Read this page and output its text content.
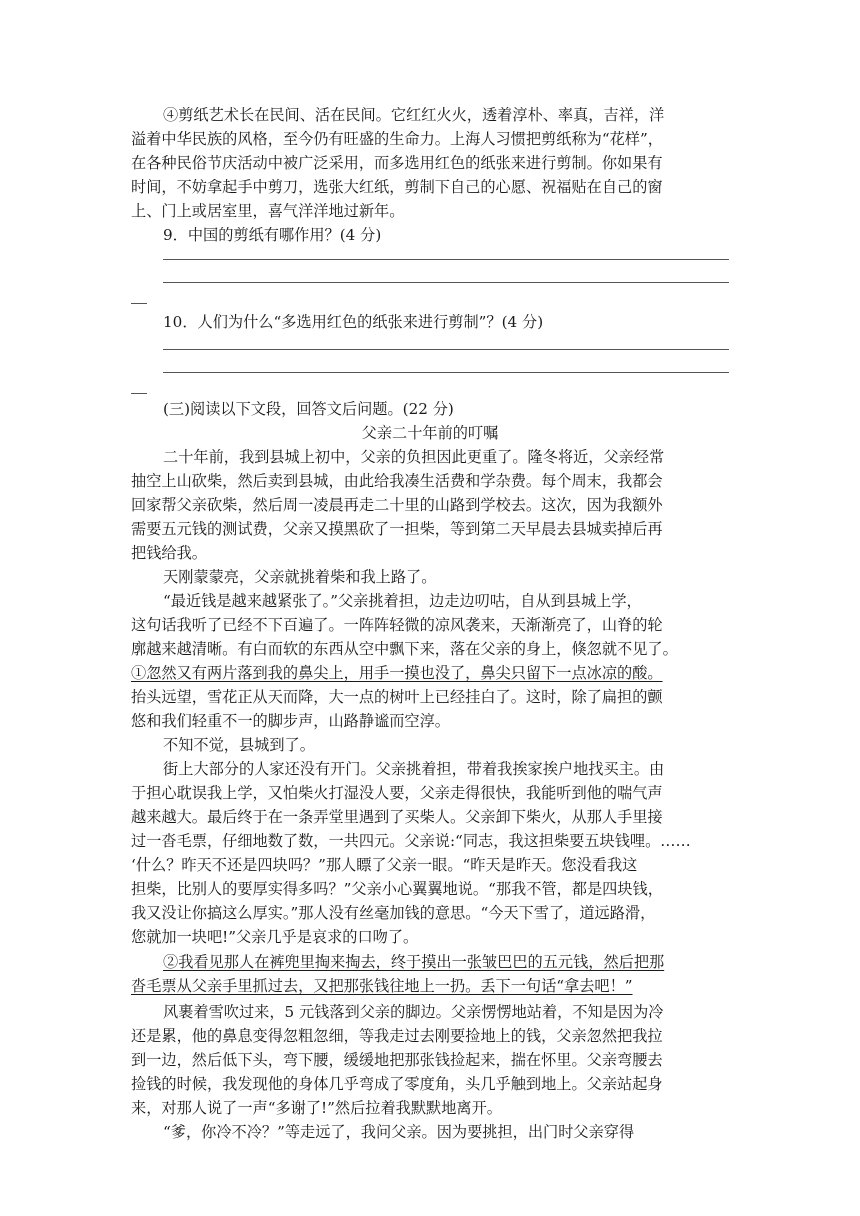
④剪纸艺术长在民间、活在民间。它红红火火，透着淳朴、率真，吉祥，洋
溢着中华民族的风格，至今仍有旺盛的生命力。上海人习惯把剪纸称为“花样”，
在各种民俗节庆活动中被广泛采用，而多选用红色的纸张来进行剪制。你如果有
时间，不妨拿起手中剪刀，选张大红纸，剪制下自己的心愿、祝福贴在自己的窗
上、门上或居室里，喜气洋洋地过新年。
9．中国的剪纸有哪作用？(4 分)
10．人们为什么“多选用红色的纸张来进行剪制”？(4 分)
(三)阅读以下文段，回答文后问题。(22 分)
父亲二十年前的叮嘱
二十年前，我到县城上初中，父亲的负担因此更重了。隆冬将近，父亲经常
抽空上山砍柴，然后卖到县城，由此给我凑生活费和学杂费。每个周末，我都会
回家帮父亲砍柴，然后周一凌晨再走二十里的山路到学校去。这次，因为我额外
需要五元钱的测试费，父亲又摸黑砍了一担柴，等到第二天早晨去县城卖掉后再
把钱给我。
天刚蒙蒙亮，父亲就挑着柴和我上路了。
“最近钱是越来越紧张了。”父亲挑着担，边走边叨咕，自从到县城上学，
这句话我听了已经不下百遍了。一阵阵轻微的凉风袭来，天渐渐亮了，山脊的轮
廓越来越清晰。有白而软的东西从空中飘下来，落在父亲的身上，倏忽就不见了。
①忽然又有两片落到我的鼻尖上，用手一摸也没了，鼻尖只留下一点冰凉的酸。
抬头远望，雪花正从天而降，大一点的树叶上已经挂白了。这时，除了扁担的颤
悠和我们轻重不一的脚步声，山路静谧而空淳。
不知不觉，县城到了。
街上大部分的人家还没有开门。父亲挑着担，带着我挨家挨户地找买主。由
于担心耽误我上学，又怕柴火打湿没人要，父亲走得很快，我能听到他的喘气声
越来越大。最后终于在一条弄堂里遇到了买柴人。父亲卸下柴火，从那人手里接
过一沓毛票，仔细地数了数，一共四元。父亲说:“同志，我这担柴要五块钱哩。……
‘什么？昨天不还是四块吗？”那人瞟了父亲一眼。“昨天是昨天。您没看我这
担柴，比别人的要厚实得多吗？”父亲小心翼翼地说。“那我不管，都是四块钱，
我又没让你搞这么厚实。”那人没有丝毫加钱的意思。“今天下雪了，道远路滑，
您就加一块吧!”父亲几乎是哀求的口吻了。
②我看见那人在裤兜里掏来掏去，终于摸出一张皱巴巴的五元钱，然后把那
沓毛票从父亲手里抓过去，又把那张钱往地上一扔。丢下一句话“拿去吧！”
风裹着雪吹过来，5 元钱落到父亲的脚边。父亲愣愣地站着，不知是因为冷
还是累，他的鼻息变得忽粗忽细，等我走过去刚要捡地上的钱，父亲忽然把我拉
到一边，然后低下头，弯下腰，缓缓地把那张钱捡起来，揣在怀里。父亲弯腰去
捡钱的时候，我发现他的身体几乎弯成了零度角，头几乎触到地上。父亲站起身
来，对那人说了一声“多谢了!”然后拉着我默默地离开。
“爹，你冷不冷？”等走远了，我问父亲。因为要挑担，出门时父亲穿得
